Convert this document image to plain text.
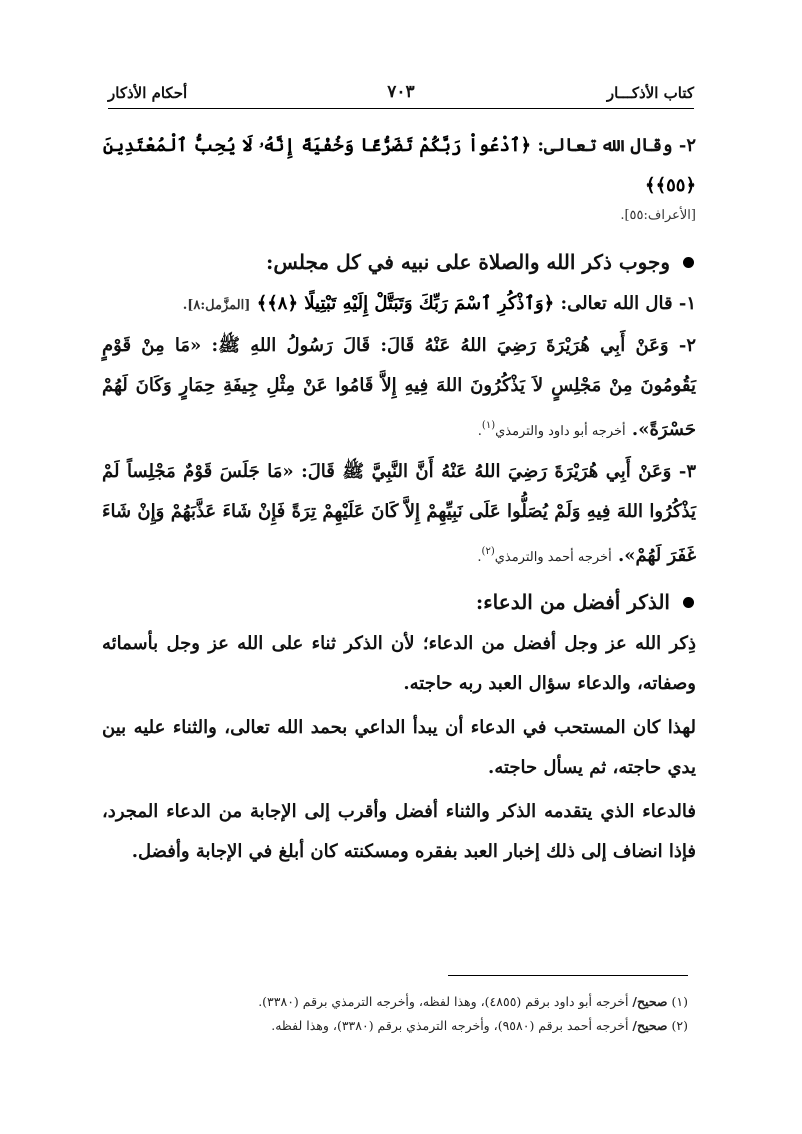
كتاب الأذكـــار
٧٠٣
أحكام الأذكار

٢- وقال الله تعالى: ﴿ٱدْعُواْ رَبَّكُمْ تَضَرُّعًا وَخُفْيَةً إِنَّهُۥ لَا يُحِبُّ ٱلْمُعْتَدِينَ ﴿٥٥﴾﴾

[الأعراف:٥٥].

وجوب ذكر الله والصلاة على نبيه في كل مجلس:

١- قال الله تعالى: ﴿وَٱذْكُرِ ٱسْمَ رَبِّكَ وَتَبَتَّلْ إِلَيْهِ تَبْتِيلًا ﴿٨﴾﴾ [المزَّمل:٨].

٢- وَعَنْ أَبِي هُرَيْرَةَ رَضِيَ اللهُ عَنْهُ قَالَ: قَالَ رَسُولُ اللهِ ﷺ: «مَا مِنْ قَوْمٍ يَقُومُونَ مِنْ مَجْلِسٍ لاَ يَذْكُرُونَ اللهَ فِيهِ إِلاَّ قَامُوا عَنْ مِثْلِ جِيفَةِ حِمَارٍ وَكَانَ لَهُمْ حَسْرَةً». أخرجه أبو داود والترمذي$^{(١)}$.

٣- وَعَنْ أَبِي هُرَيْرَةَ رَضِيَ اللهُ عَنْهُ أَنَّ النَّبِيَّ ﷺ قَالَ: «مَا جَلَسَ قَوْمٌ مَجْلِساً لَمْ يَذْكُرُوا اللهَ فِيهِ وَلَمْ يُصَلُّوا عَلَى نَبِيِّهِمْ إِلاَّ كَانَ عَلَيْهِمْ تِرَةً فَإِنْ شَاءَ عَذَّبَهُمْ وَإِنْ شَاءَ غَفَرَ لَهُمْ». أخرجه أحمد والترمذي$^{(٢)}$.

الذكر أفضل من الدعاء:

ذِكر الله عز وجل أفضل من الدعاء؛ لأن الذكر ثناء على الله عز وجل بأسمائه وصفاته، والدعاء سؤال العبد ربه حاجته.

لهذا كان المستحب في الدعاء أن يبدأ الداعي بحمد الله تعالى، والثناء عليه بين يدي حاجته، ثم يسأل حاجته.

فالدعاء الذي يتقدمه الذكر والثناء أفضل وأقرب إلى الإجابة من الدعاء المجرد، فإذا انضاف إلى ذلك إخبار العبد بفقره ومسكنته كان أبلغ في الإجابة وأفضل.

(١) صحيح/ أخرجه أبو داود برقم (٤٨٥٥)، وهذا لفظه، وأخرجه الترمذي برقم (٣٣٨٠).
(٢) صحيح/ أخرجه أحمد برقم (٩٥٨٠)، وأخرجه الترمذي برقم (٣٣٨٠)، وهذا لفظه.
